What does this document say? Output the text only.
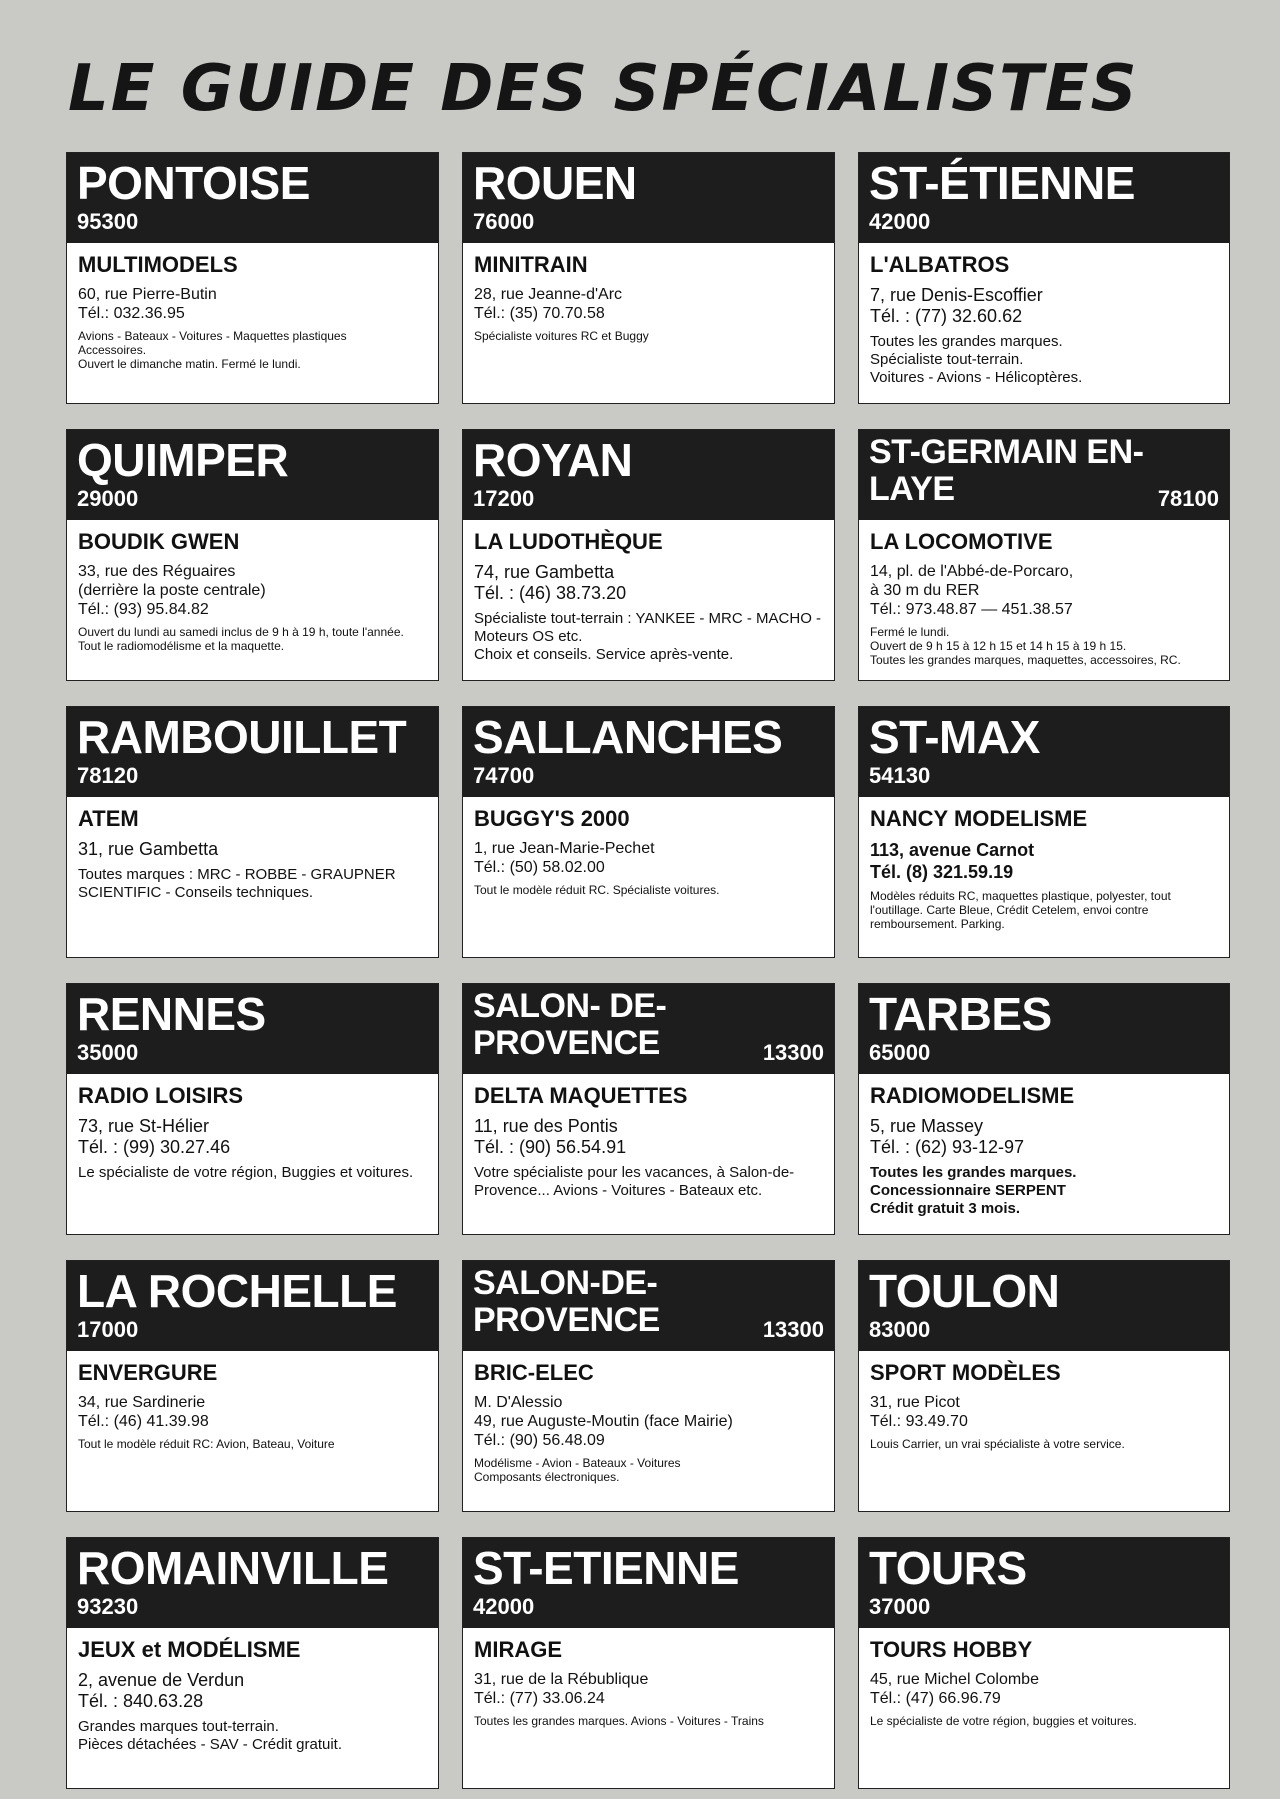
LE GUIDE DES SPÉCIALISTES
PONTOISE
95300
MULTIMODELS
60, rue Pierre-Butin
Tél.: 032.36.95
Avions - Bateaux - Voitures - Maquettes plastiques
Accessoires.
Ouvert le dimanche matin. Fermé le lundi.
ROUEN
76000
MINITRAIN
28, rue Jeanne-d'Arc
Tél.: (35) 70.70.58
Spécialiste voitures RC et Buggy
ST-ÉTIENNE
42000
L'ALBATROS
7, rue Denis-Escoffier
Tél. : (77) 32.60.62
Toutes les grandes marques.
Spécialiste tout-terrain.
Voitures - Avions - Hélicoptères.
QUIMPER
29000
BOUDIK GWEN
33, rue des Réguaires
(derrière la poste centrale)
Tél.: (93) 95.84.82
Ouvert du lundi au samedi inclus de 9 h à 19 h, toute l'année. Tout le radiomodélisme et la maquette.
ROYAN
17200
LA LUDOTHÈQUE
74, rue Gambetta
Tél. : (46) 38.73.20
Spécialiste tout-terrain : YANKEE - MRC - MACHO - Moteurs OS etc.
Choix et conseils. Service après-vente.
ST-GERMAIN EN-LAYE	78100
LA LOCOMOTIVE
14, pl. de l'Abbé-de-Porcaro,
à 30 m du RER
Tél.: 973.48.87 — 451.38.57
Fermé le lundi.
Ouvert de 9 h 15 à 12 h 15 et 14 h 15 à 19 h 15.
Toutes les grandes marques, maquettes, accessoires, RC.
RAMBOUILLET
78120
ATEM
31, rue Gambetta
Toutes marques : MRC - ROBBE - GRAUPNER SCIENTIFIC - Conseils techniques.
SALLANCHES
74700
BUGGY'S 2000
1, rue Jean-Marie-Pechet
Tél.: (50) 58.02.00
Tout le modèle réduit RC. Spécialiste voitures.
ST-MAX
54130
NANCY MODELISME
113, avenue Carnot
Tél. (8) 321.59.19
Modèles réduits RC, maquettes plastique, polyester, tout l'outillage. Carte Bleue, Crédit Cetelem, envoi contre remboursement. Parking.
RENNES
35000
RADIO LOISIRS
73, rue St-Hélier
Tél. : (99) 30.27.46
Le spécialiste de votre région, Buggies et voitures.
SALON- DE- PROVENCE	13300
DELTA MAQUETTES
11, rue des Pontis
Tél. : (90) 56.54.91
Votre spécialiste pour les vacances, à Salon-de-Provence... Avions - Voitures - Bateaux etc.
TARBES
65000
RADIOMODELISME
5, rue Massey
Tél. : (62) 93-12-97
Toutes les grandes marques.
Concessionnaire SERPENT
Crédit gratuit 3 mois.
LA ROCHELLE
17000
ENVERGURE
34, rue Sardinerie
Tél.: (46) 41.39.98
Tout le modèle réduit RC: Avion, Bateau, Voiture
SALON-DE- PROVENCE	13300
BRIC-ELEC
M. D'Alessio
49, rue Auguste-Moutin (face Mairie)
Tél.: (90) 56.48.09
Modélisme - Avion - Bateaux - Voitures
Composants électroniques.
TOULON
83000
SPORT MODÈLES
31, rue Picot
Tél.: 93.49.70
Louis Carrier, un vrai spécialiste à votre service.
ROMAINVILLE
93230
JEUX et MODÉLISME
2, avenue de Verdun
Tél. : 840.63.28
Grandes marques tout-terrain.
Pièces détachées - SAV - Crédit gratuit.
ST-ETIENNE
42000
MIRAGE
31, rue de la Rébublique
Tél.: (77) 33.06.24
Toutes les grandes marques. Avions - Voitures - Trains
TOURS
37000
TOURS HOBBY
45, rue Michel Colombe
Tél.: (47) 66.96.79
Le spécialiste de votre région, buggies et voitures.
